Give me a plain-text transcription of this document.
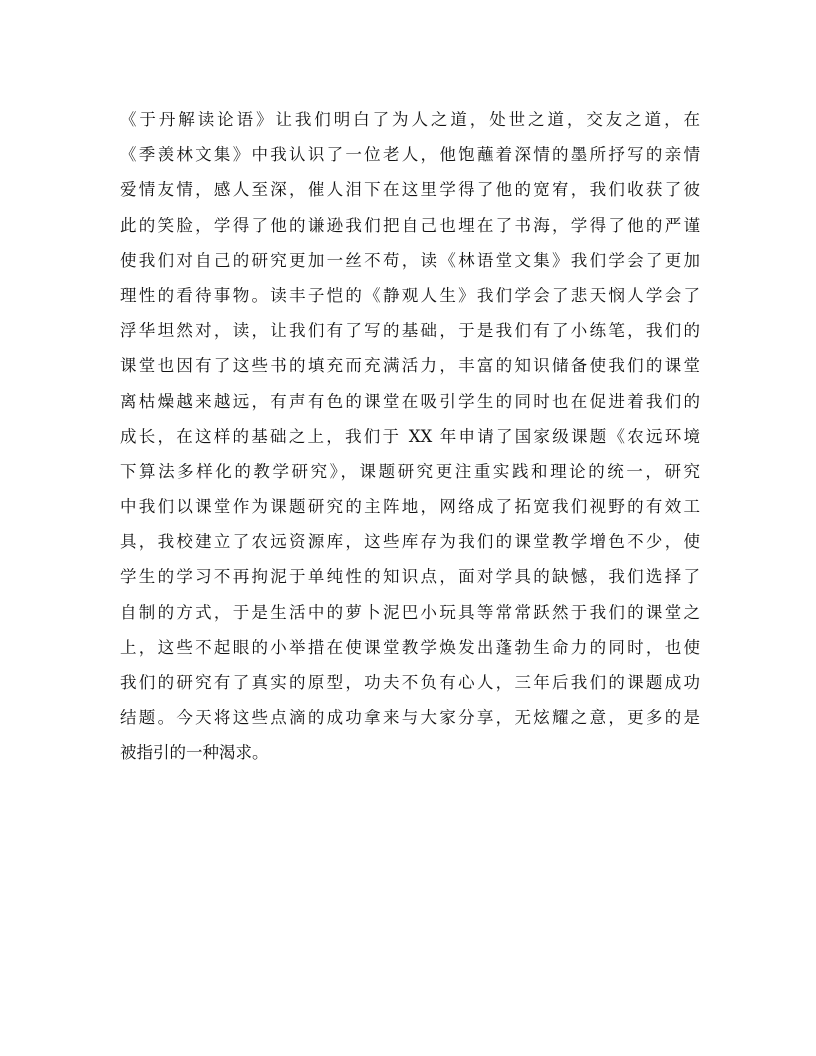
《于丹解读论语》让我们明白了为人之道，处世之道，交友之道，在
《季羡林文集》中我认识了一位老人，他饱蘸着深情的墨所抒写的亲情
爱情友情，感人至深，催人泪下在这里学得了他的宽宥，我们收获了彼
此的笑脸，学得了他的谦逊我们把自己也埋在了书海，学得了他的严谨
使我们对自己的研究更加一丝不苟，读《林语堂文集》我们学会了更加
理性的看待事物。读丰子恺的《静观人生》我们学会了悲天悯人学会了
浮华坦然对，读，让我们有了写的基础，于是我们有了小练笔，我们的
课堂也因有了这些书的填充而充满活力，丰富的知识储备使我们的课堂
离枯燥越来越远，有声有色的课堂在吸引学生的同时也在促进着我们的
成长，在这样的基础之上，我们于 XX 年申请了国家级课题《农远环境
下算法多样化的教学研究》，课题研究更注重实践和理论的统一，研究
中我们以课堂作为课题研究的主阵地，网络成了拓宽我们视野的有效工
具，我校建立了农远资源库，这些库存为我们的课堂教学增色不少，使
学生的学习不再拘泥于单纯性的知识点，面对学具的缺憾，我们选择了
自制的方式，于是生活中的萝卜泥巴小玩具等常常跃然于我们的课堂之
上，这些不起眼的小举措在使课堂教学焕发出蓬勃生命力的同时，也使
我们的研究有了真实的原型，功夫不负有心人，三年后我们的课题成功
结题。今天将这些点滴的成功拿来与大家分享，无炫耀之意，更多的是
被指引的一种渴求。
